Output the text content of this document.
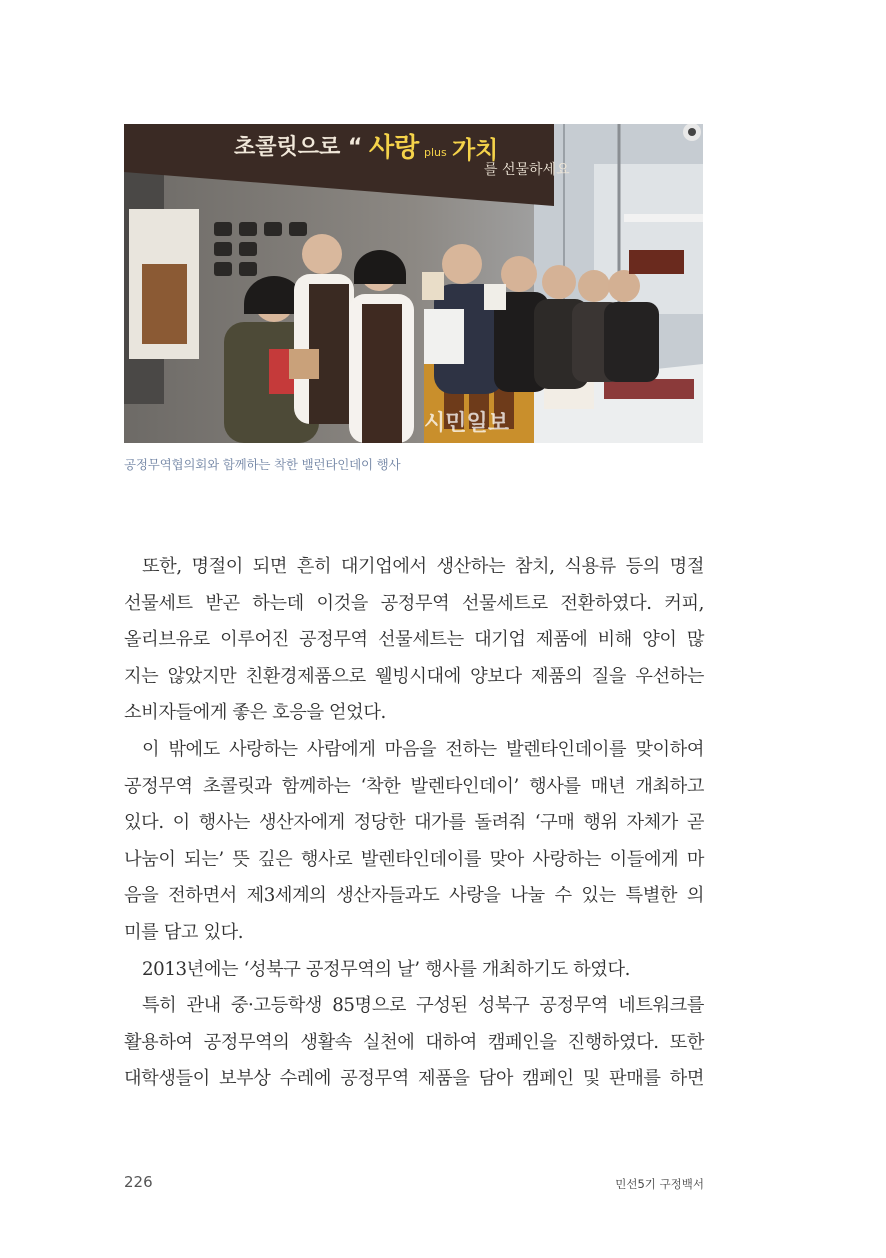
초콜릿으로 “ 사랑 plus 가치
를 선물하세요
시민일보
공정무역협의회와 함께하는 착한 밸런타인데이 행사
또한, 명절이 되면 흔히 대기업에서 생산하는 참치, 식용류 등의 명절
선물세트 받곤 하는데 이것을 공정무역 선물세트로 전환하였다. 커피,
올리브유로 이루어진 공정무역 선물세트는 대기업 제품에 비해 양이 많
지는 않았지만 친환경제품으로 웰빙시대에 양보다 제품의 질을 우선하는
소비자들에게 좋은 호응을 얻었다.
이 밖에도 사랑하는 사람에게 마음을 전하는 발렌타인데이를 맞이하여
공정무역 초콜릿과 함께하는 ‘착한 발렌타인데이’ 행사를 매년 개최하고
있다. 이 행사는 생산자에게 정당한 대가를 돌려줘 ‘구매 행위 자체가 곧
나눔이 되는’ 뜻 깊은 행사로 발렌타인데이를 맞아 사랑하는 이들에게 마
음을 전하면서 제3세계의 생산자들과도 사랑을 나눌 수 있는 특별한 의
미를 담고 있다.
2013년에는 ‘성북구 공정무역의 날’ 행사를 개최하기도 하였다.
특히 관내 중·고등학생 85명으로 구성된 성북구 공정무역 네트워크를
활용하여 공정무역의 생활속 실천에 대하여 캠페인을 진행하였다. 또한
대학생들이 보부상 수레에 공정무역 제품을 담아 캠페인 및 판매를 하면
226	민선5기 구정백서
